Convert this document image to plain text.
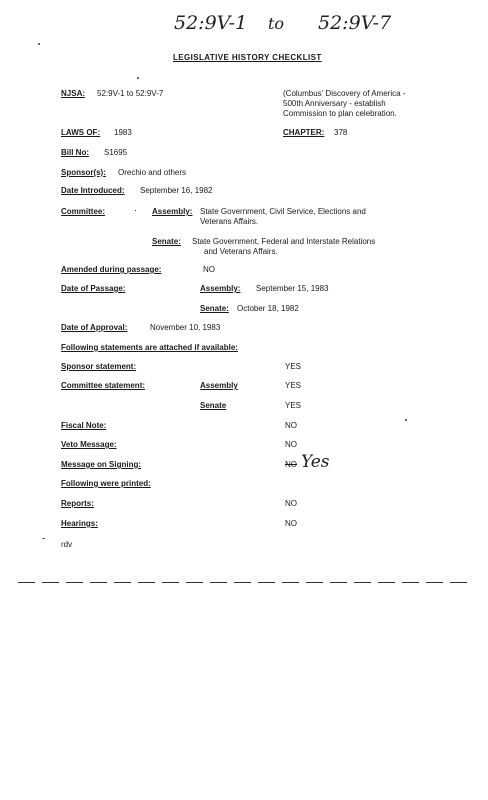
52:9V-1 to 52:9V-7
LEGISLATIVE HISTORY CHECKLIST
NJSA: 52:9V-1 to 52:9V-7	(Columbus' Discovery of America -
500th Anniversary - establish
Commission to plan celebration.
LAWS OF: 1983	CHAPTER: 378
Bill No: S1695
Sponsor(s): Orechio and others
Date Introduced: September 16, 1982
Committee:	· Assembly: State Government, Civil Service, Elections and
Veterans Affairs.
Senate: State Government, Federal and Interstate Relations
and Veterans Affairs.
Amended during passage:	NO
Date of Passage:	Assembly: September 15, 1983
Senate: October 18, 1982
Date of Approval:	November 10, 1983
Following statements are attached if available:
Sponsor statement:	YES
Committee statement:	Assembly	YES
Senate	YES
Fiscal Note:	NO
Veto Message:	NO
Message on Signing:	NO Yes
Following were printed:
Reports:	NO
Hearings:	NO
rdv
